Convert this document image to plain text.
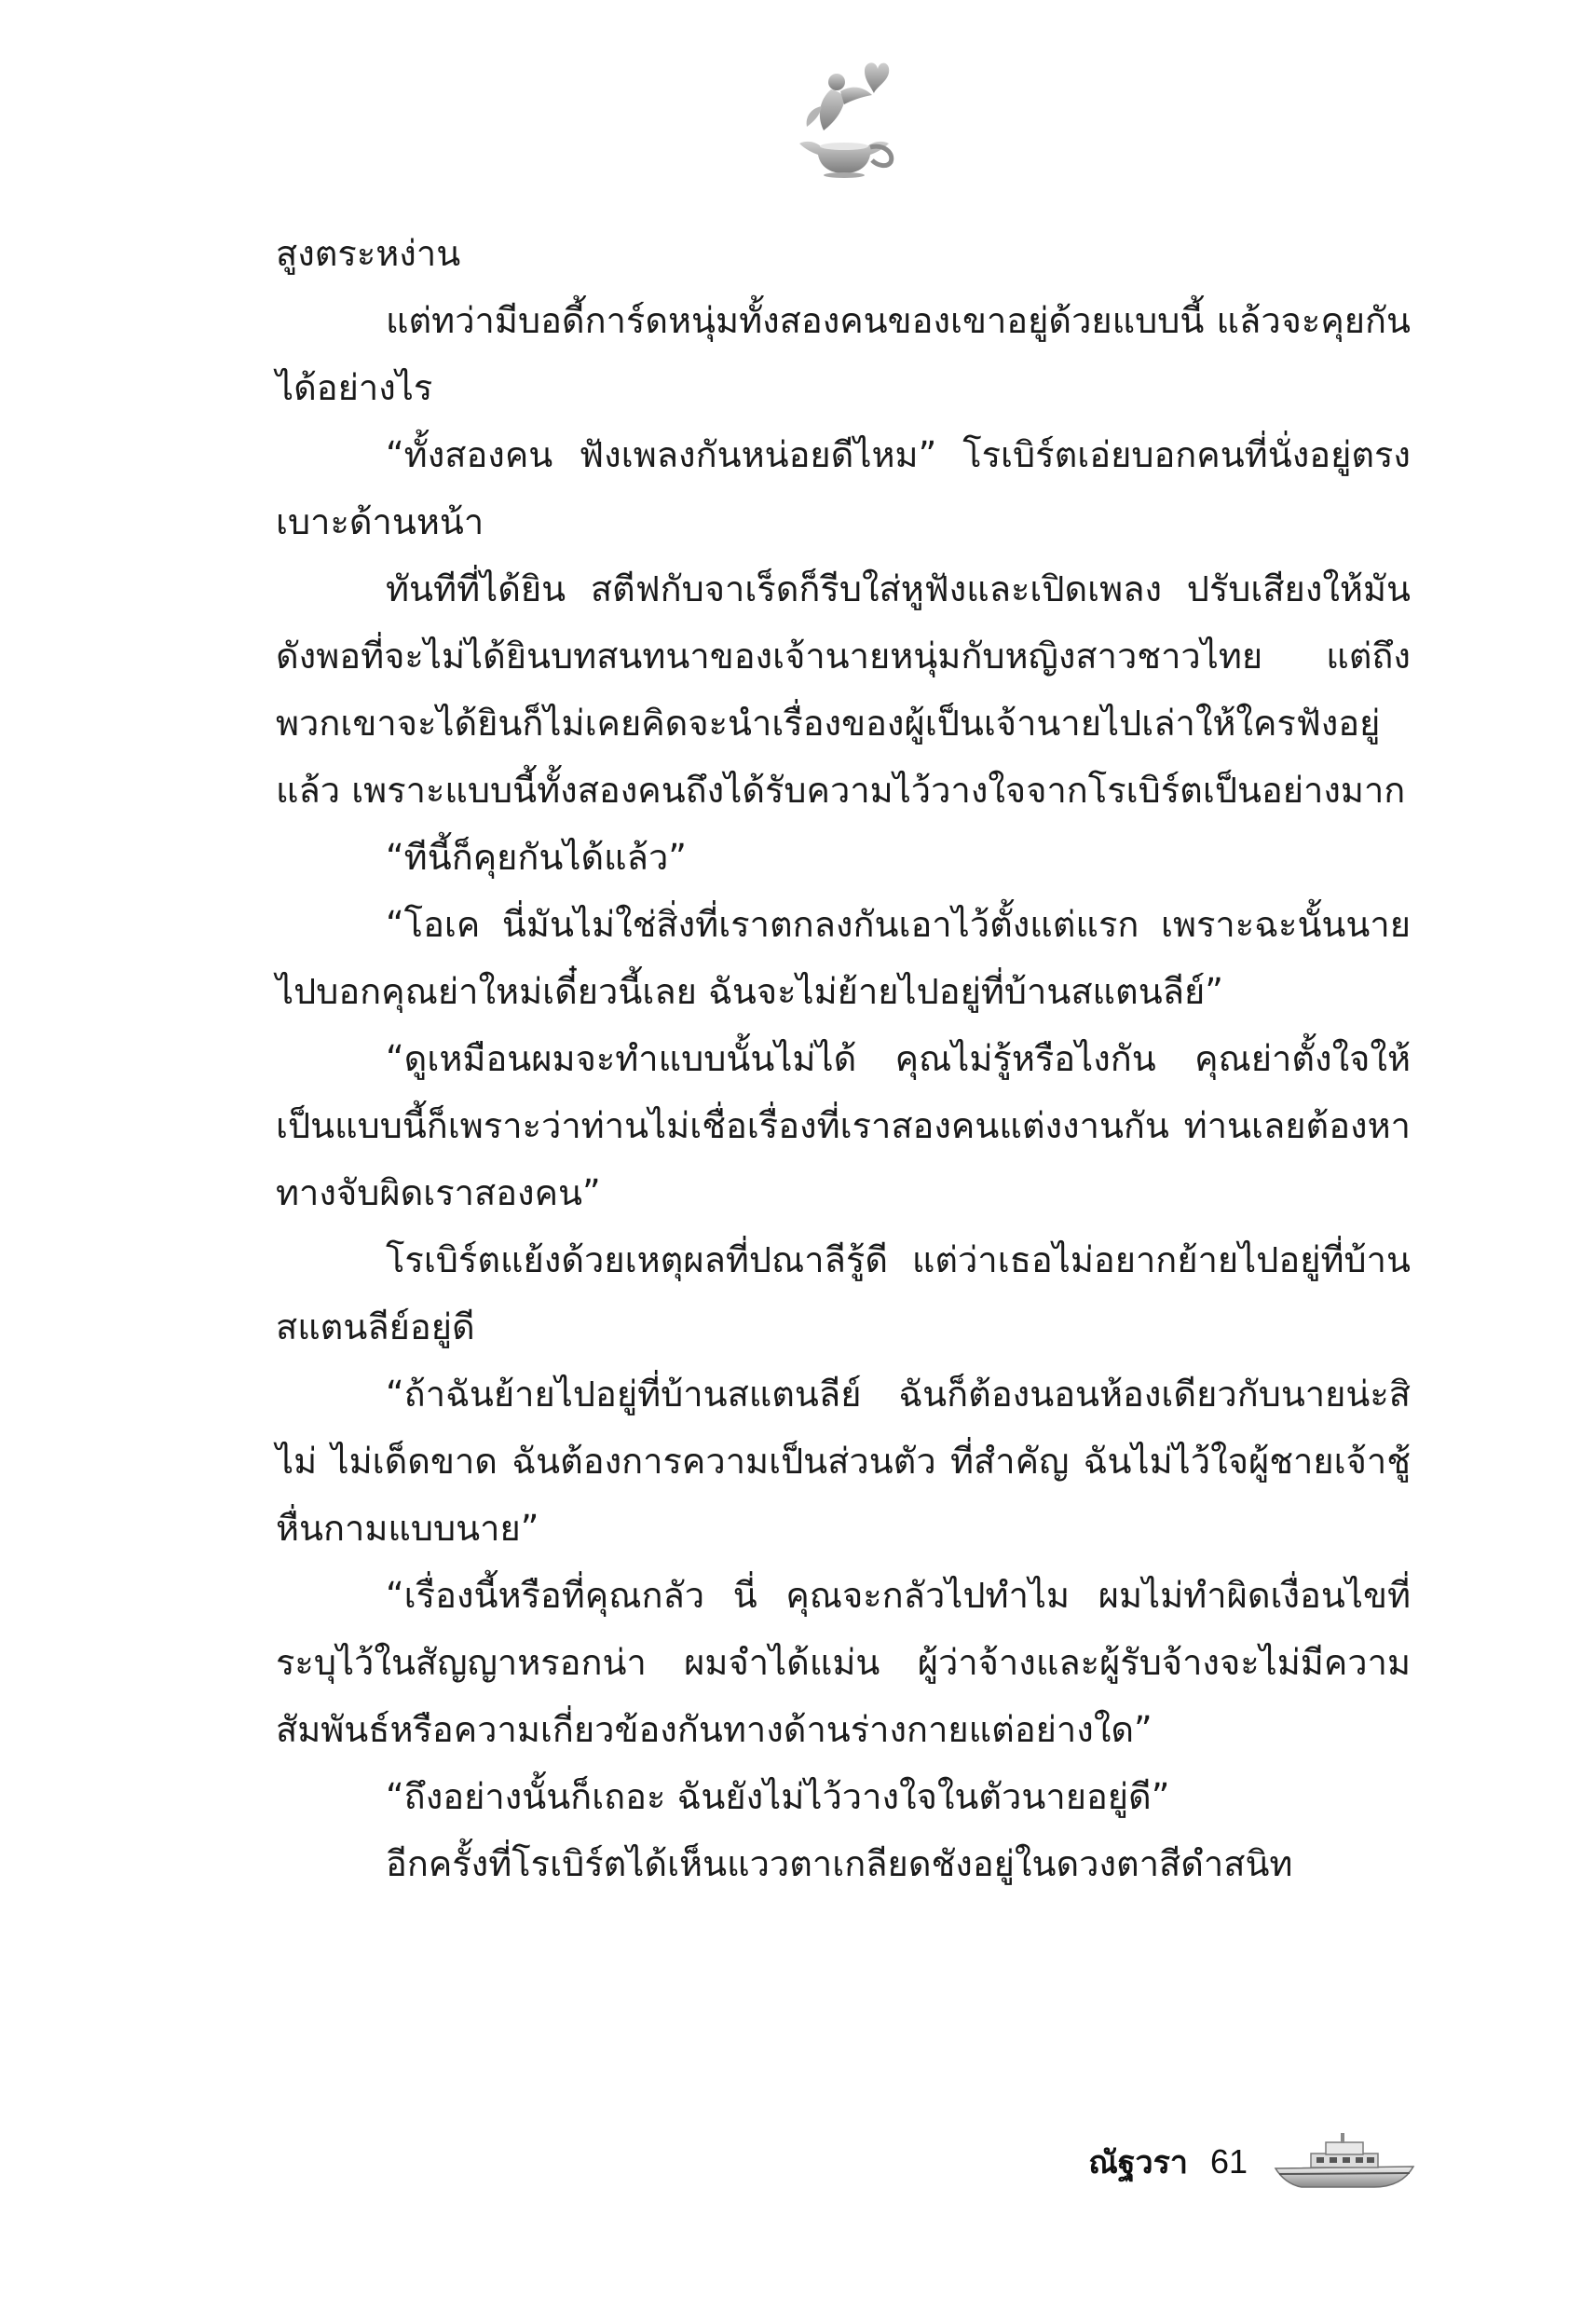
สูงตระหง่าน

แต่ทว่ามีบอดี้การ์ดหนุ่มทั้งสองคนของเขาอยู่ด้วยแบบนี้ แล้วจะคุยกันได้อย่างไร

“ทั้งสองคน ฟังเพลงกันหน่อยดีไหม” โรเบิร์ตเอ่ยบอกคนที่นั่งอยู่ตรงเบาะด้านหน้า

ทันทีที่ได้ยิน สตีฟกับจาเร็ดก็รีบใส่หูฟังและเปิดเพลง ปรับเสียงให้มันดังพอที่จะไม่ได้ยินบทสนทนาของเจ้านายหนุ่มกับหญิงสาวชาวไทย แต่ถึงพวกเขาจะได้ยินก็ไม่เคยคิดจะนำเรื่องของผู้เป็นเจ้านายไปเล่าให้ใครฟังอยู่แล้ว เพราะแบบนี้ทั้งสองคนถึงได้รับความไว้วางใจจากโรเบิร์ตเป็นอย่างมาก

“ทีนี้ก็คุยกันได้แล้ว”

“โอเค นี่มันไม่ใช่สิ่งที่เราตกลงกันเอาไว้ตั้งแต่แรก เพราะฉะนั้นนายไปบอกคุณย่าใหม่เดี๋ยวนี้เลย ฉันจะไม่ย้ายไปอยู่ที่บ้านสแตนลีย์”

“ดูเหมือนผมจะทำแบบนั้นไม่ได้ คุณไม่รู้หรือไงกัน คุณย่าตั้งใจให้เป็นแบบนี้ก็เพราะว่าท่านไม่เชื่อเรื่องที่เราสองคนแต่งงานกัน ท่านเลยต้องหาทางจับผิดเราสองคน”

โรเบิร์ตแย้งด้วยเหตุผลที่ปณาลีรู้ดี แต่ว่าเธอไม่อยากย้ายไปอยู่ที่บ้านสแตนลีย์อยู่ดี

“ถ้าฉันย้ายไปอยู่ที่บ้านสแตนลีย์ ฉันก็ต้องนอนห้องเดียวกับนายน่ะสิ ไม่ ไม่เด็ดขาด ฉันต้องการความเป็นส่วนตัว ที่สำคัญ ฉันไม่ไว้ใจผู้ชายเจ้าชู้หื่นกามแบบนาย”

“เรื่องนี้หรือที่คุณกลัว นี่ คุณจะกลัวไปทำไม ผมไม่ทำผิดเงื่อนไขที่ระบุไว้ในสัญญาหรอกน่า ผมจำได้แม่น ผู้ว่าจ้างและผู้รับจ้างจะไม่มีความสัมพันธ์หรือความเกี่ยวข้องกันทางด้านร่างกายแต่อย่างใด”

“ถึงอย่างนั้นก็เถอะ ฉันยังไม่ไว้วางใจในตัวนายอยู่ดี”

อีกครั้งที่โรเบิร์ตได้เห็นแววตาเกลียดชังอยู่ในดวงตาสีดำสนิท

ณัฐวรา 61
